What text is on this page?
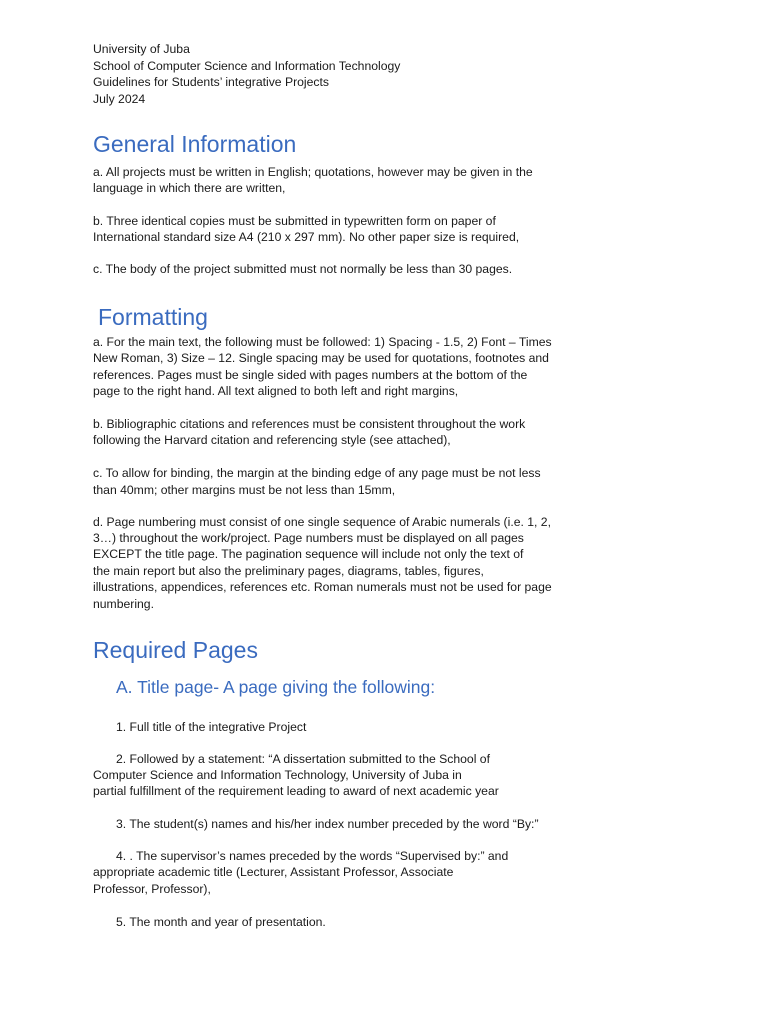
University of Juba
School of Computer Science and Information Technology
Guidelines for Students’ integrative Projects
July 2024
General Information
a. All projects must be written in English; quotations, however may be given in the
language in which there are written,
b. Three identical copies must be submitted in typewritten form on paper of
International standard size A4 (210 x 297 mm). No other paper size is required,
c. The body of the project submitted must not normally be less than 30 pages.
Formatting
a. For the main text, the following must be followed: 1) Spacing - 1.5, 2) Font – Times
New Roman, 3) Size – 12. Single spacing may be used for quotations, footnotes and
references. Pages must be single sided with pages numbers at the bottom of the
page to the right hand. All text aligned to both left and right margins,
b. Bibliographic citations and references must be consistent throughout the work
following the Harvard citation and referencing style (see attached),
c. To allow for binding, the margin at the binding edge of any page must be not less
than 40mm; other margins must be not less than 15mm,
d. Page numbering must consist of one single sequence of Arabic numerals (i.e. 1, 2,
3…) throughout the work/project. Page numbers must be displayed on all pages
EXCEPT the title page. The pagination sequence will include not only the text of
the main report but also the preliminary pages, diagrams, tables, figures,
illustrations, appendices, references etc. Roman numerals must not be used for page
numbering.
Required Pages
A. Title page- A page giving the following:
1. Full title of the integrative Project
2. Followed by a statement: “A dissertation submitted to the School of
Computer Science and Information Technology, University of Juba in
partial fulfillment of the requirement leading to award of next academic year
3. The student(s) names and his/her index number preceded by the word “By:”
4. . The supervisor’s names preceded by the words “Supervised by:” and
appropriate academic title (Lecturer, Assistant Professor, Associate
Professor, Professor),
5. The month and year of presentation.
